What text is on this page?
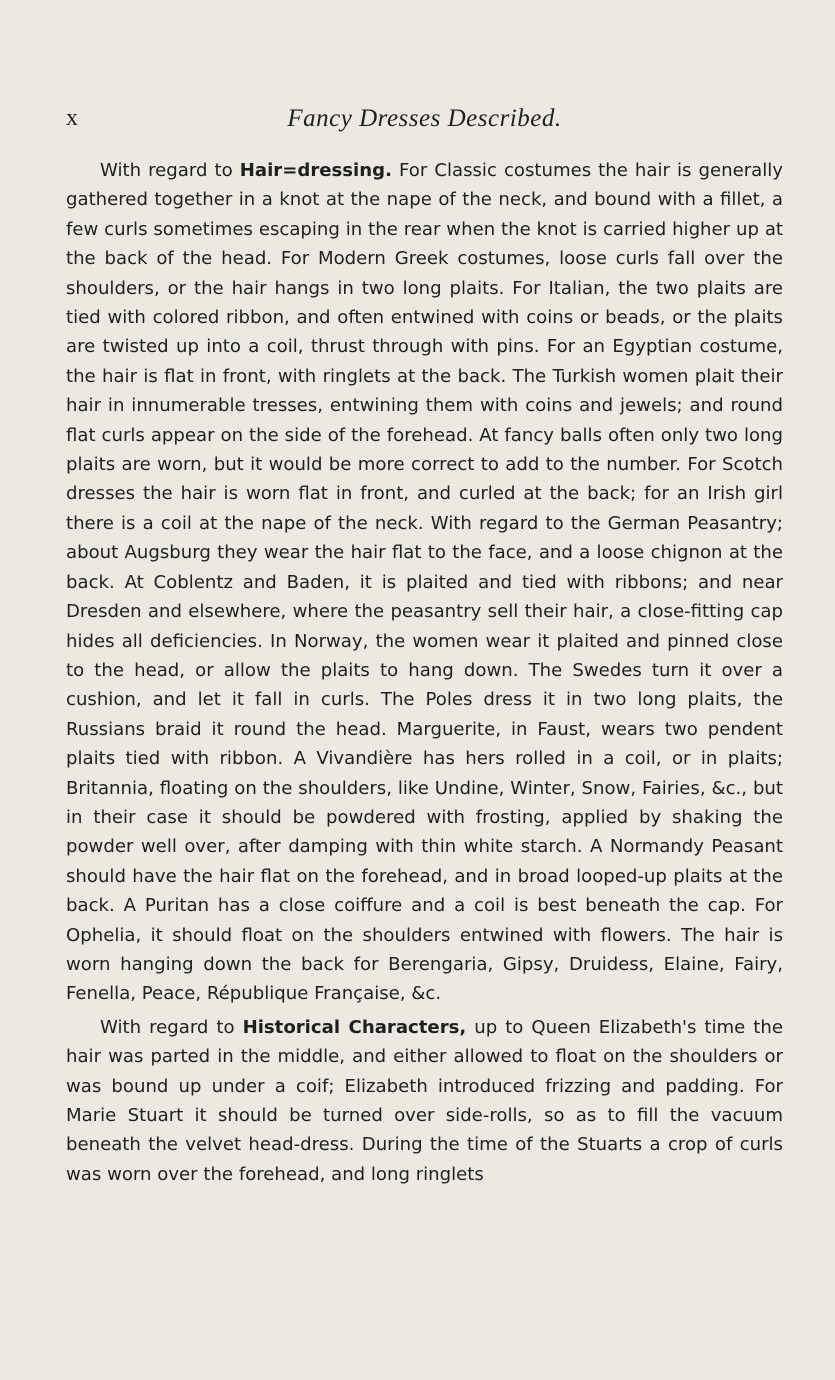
x	Fancy Dresses Described.

With regard to Hair=dressing. For Classic costumes the hair is generally gathered together in a knot at the nape of the neck, and bound with a fillet, a few curls sometimes escaping in the rear when the knot is carried higher up at the back of the head. For Modern Greek costumes, loose curls fall over the shoulders, or the hair hangs in two long plaits. For Italian, the two plaits are tied with colored ribbon, and often entwined with coins or beads, or the plaits are twisted up into a coil, thrust through with pins. For an Egyptian costume, the hair is flat in front, with ringlets at the back. The Turkish women plait their hair in innumerable tresses, entwining them with coins and jewels; and round flat curls appear on the side of the forehead. At fancy balls often only two long plaits are worn, but it would be more correct to add to the number. For Scotch dresses the hair is worn flat in front, and curled at the back; for an Irish girl there is a coil at the nape of the neck. With regard to the German Peasantry; about Augsburg they wear the hair flat to the face, and a loose chignon at the back. At Coblentz and Baden, it is plaited and tied with ribbons; and near Dresden and elsewhere, where the peasantry sell their hair, a close-fitting cap hides all deficiencies. In Norway, the women wear it plaited and pinned close to the head, or allow the plaits to hang down. The Swedes turn it over a cushion, and let it fall in curls. The Poles dress it in two long plaits, the Russians braid it round the head. Marguerite, in Faust, wears two pendent plaits tied with ribbon. A Vivandière has hers rolled in a coil, or in plaits; Britannia, floating on the shoulders, like Undine, Winter, Snow, Fairies, &c., but in their case it should be powdered with frosting, applied by shaking the powder well over, after damping with thin white starch. A Normandy Peasant should have the hair flat on the forehead, and in broad looped-up plaits at the back. A Puritan has a close coiffure and a coil is best beneath the cap. For Ophelia, it should float on the shoulders entwined with flowers. The hair is worn hanging down the back for Berengaria, Gipsy, Druidess, Elaine, Fairy, Fenella, Peace, République Française, &c.

With regard to Historical Characters, up to Queen Elizabeth's time the hair was parted in the middle, and either allowed to float on the shoulders or was bound up under a coif; Elizabeth introduced frizzing and padding. For Marie Stuart it should be turned over side-rolls, so as to fill the vacuum beneath the velvet head-dress. During the time of the Stuarts a crop of curls was worn over the forehead, and long ringlets
